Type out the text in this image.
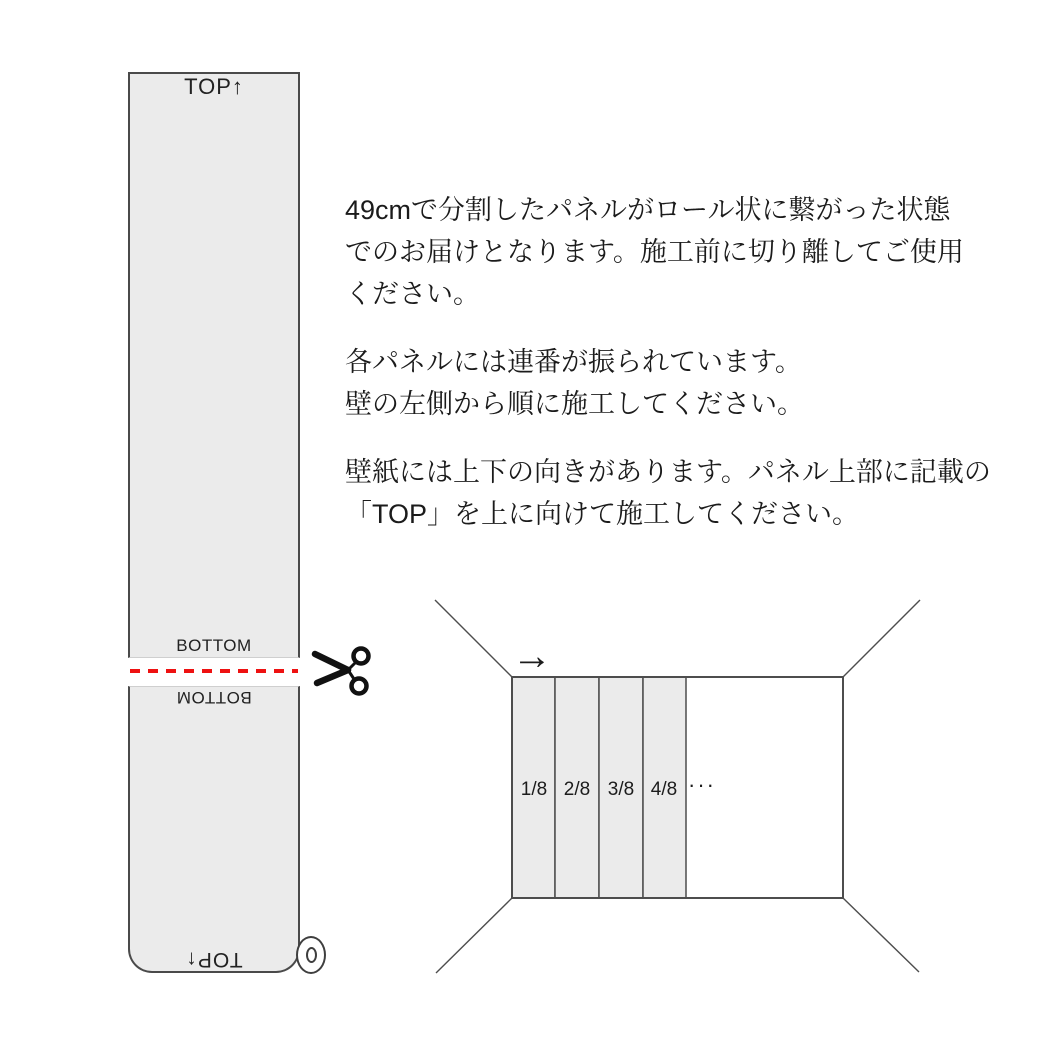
TOP↑
BOTTOM
BOTTOM
TOP↑

49cmで分割したパネルがロール状に繋がった状態
でのお届けとなります。施工前に切り離してご使用
ください。

各パネルには連番が振られています。
壁の左側から順に施工してください。

壁紙には上下の向きがあります。パネル上部に記載の
「TOP」を上に向けて施工してください。

→
1/8 2/8 3/8 4/8 ···
